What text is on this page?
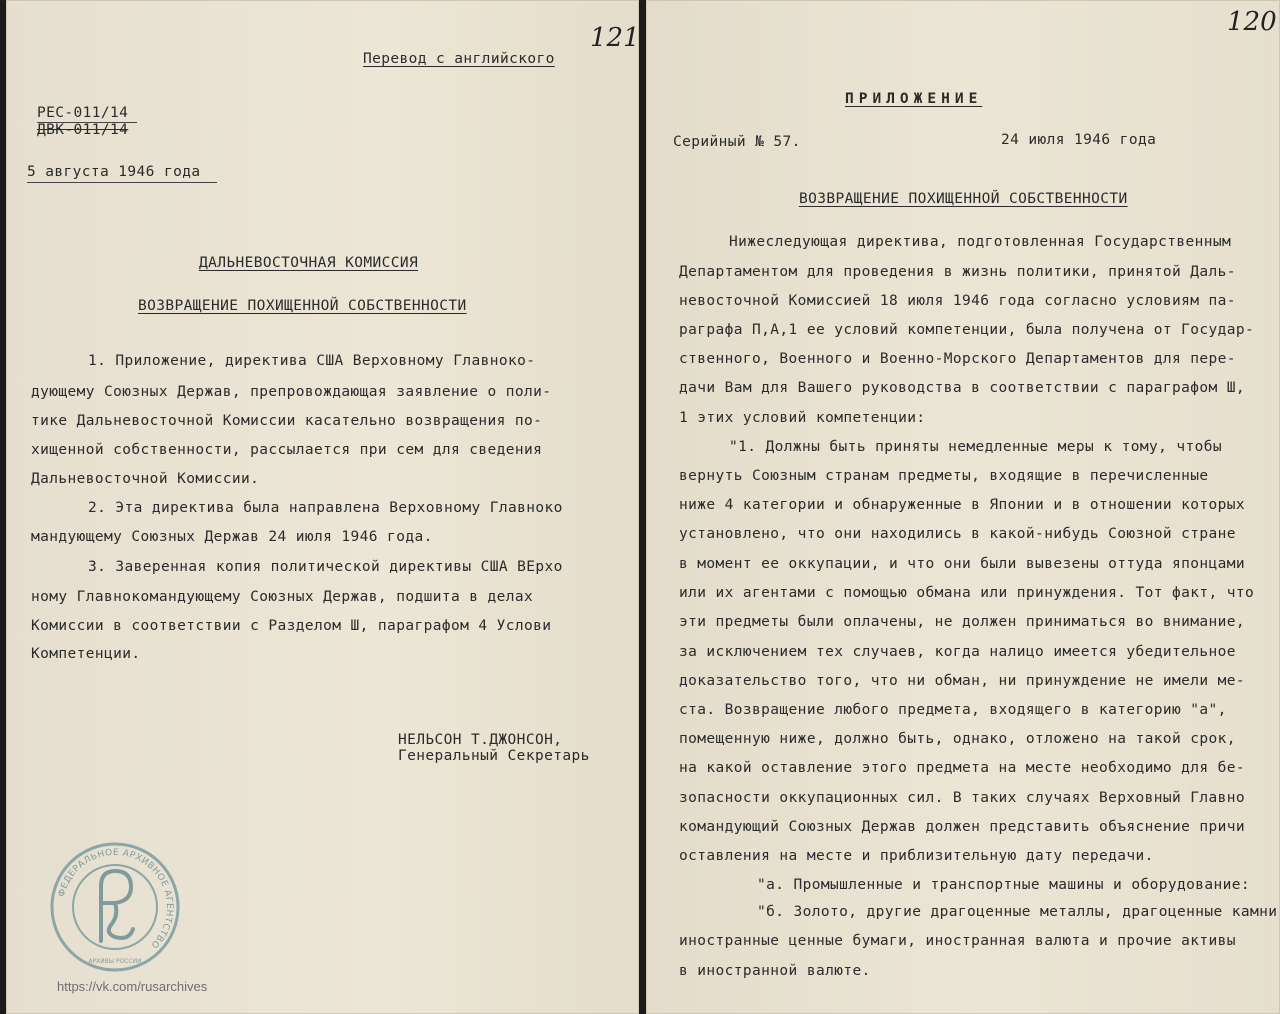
Перевод с английского
121
РЕС-011/14
ДВК-011/14
5 августа 1946 года
ДАЛЬНЕВОСТОЧНАЯ КОМИССИЯ
ВОЗВРАЩЕНИЕ ПОХИЩЕННОЙ СОБСТВЕННОСТИ
1. Приложение, директива США Верховному Главноко-
дующему Союзных Держав, препровождающая заявление о поли-
тике Дальневосточной Комиссии касательно возвращения по-
хищенной собственности, рассылается при сем для сведения
Дальневосточной Комиссии.
2. Эта директива была направлена Верховному Главноко
мандующему Союзных Держав 24 июля 1946 года.
3. Заверенная копия политической директивы США ВЕрхо
ному Главнокомандующему Союзных Держав, подшита в делах
Комиссии в соответствии с Разделом Ш, параграфом 4 Услови
Компетенции.
НЕЛЬСОН Т.ДЖОНСОН,
Генеральный Секретарь
ФЕДЕРАЛЬНОЕ АРХИВНОЕ АГЕНТСТВО
АРХИВЫ РОССИИ
https://vk.com/rusarchives
120
ПРИЛОЖЕНИЕ
Серийный № 57.	24 июля 1946 года
ВОЗВРАЩЕНИЕ ПОХИЩЕННОЙ СОБСТВЕННОСТИ
Нижеследующая директива, подготовленная Государственным
Департаментом для проведения в жизнь политики, принятой Даль-
невосточной Комиссией 18 июля 1946 года согласно условиям па-
раграфа П,А,1 ее условий компетенции, была получена от Государ-
ственного, Военного и Военно-Морского Департаментов для пере-
дачи Вам для Вашего руководства в соответствии с параграфом Ш,
1 этих условий компетенции:
"1. Должны быть приняты немедленные меры к тому, чтобы
вернуть Союзным странам предметы, входящие в перечисленные
ниже 4 категории и обнаруженные в Японии и в отношении которых
установлено, что они находились в какой-нибудь Союзной стране
в момент ее оккупации, и что они были вывезены оттуда японцами
или их агентами с помощью обмана или принуждения. Тот факт, что
эти предметы были оплачены, не должен приниматься во внимание,
за исключением тех случаев, когда налицо имеется убедительное
доказательство того, что ни обман, ни принуждение не имели ме-
ста. Возвращение любого предмета, входящего в категорию "а",
помещенную ниже, должно быть, однако, отложено на такой срок,
на какой оставление этого предмета на месте необходимо для бе-
зопасности оккупационных сил. В таких случаях Верховный Главно
командующий Союзных Держав должен представить объяснение причи
оставления на месте и приблизительную дату передачи.
"а. Промышленные и транспортные машины и оборудование:
"б. Золото, другие драгоценные металлы, драгоценные камни
иностранные ценные бумаги, иностранная валюта и прочие активы
в иностранной валюте.
